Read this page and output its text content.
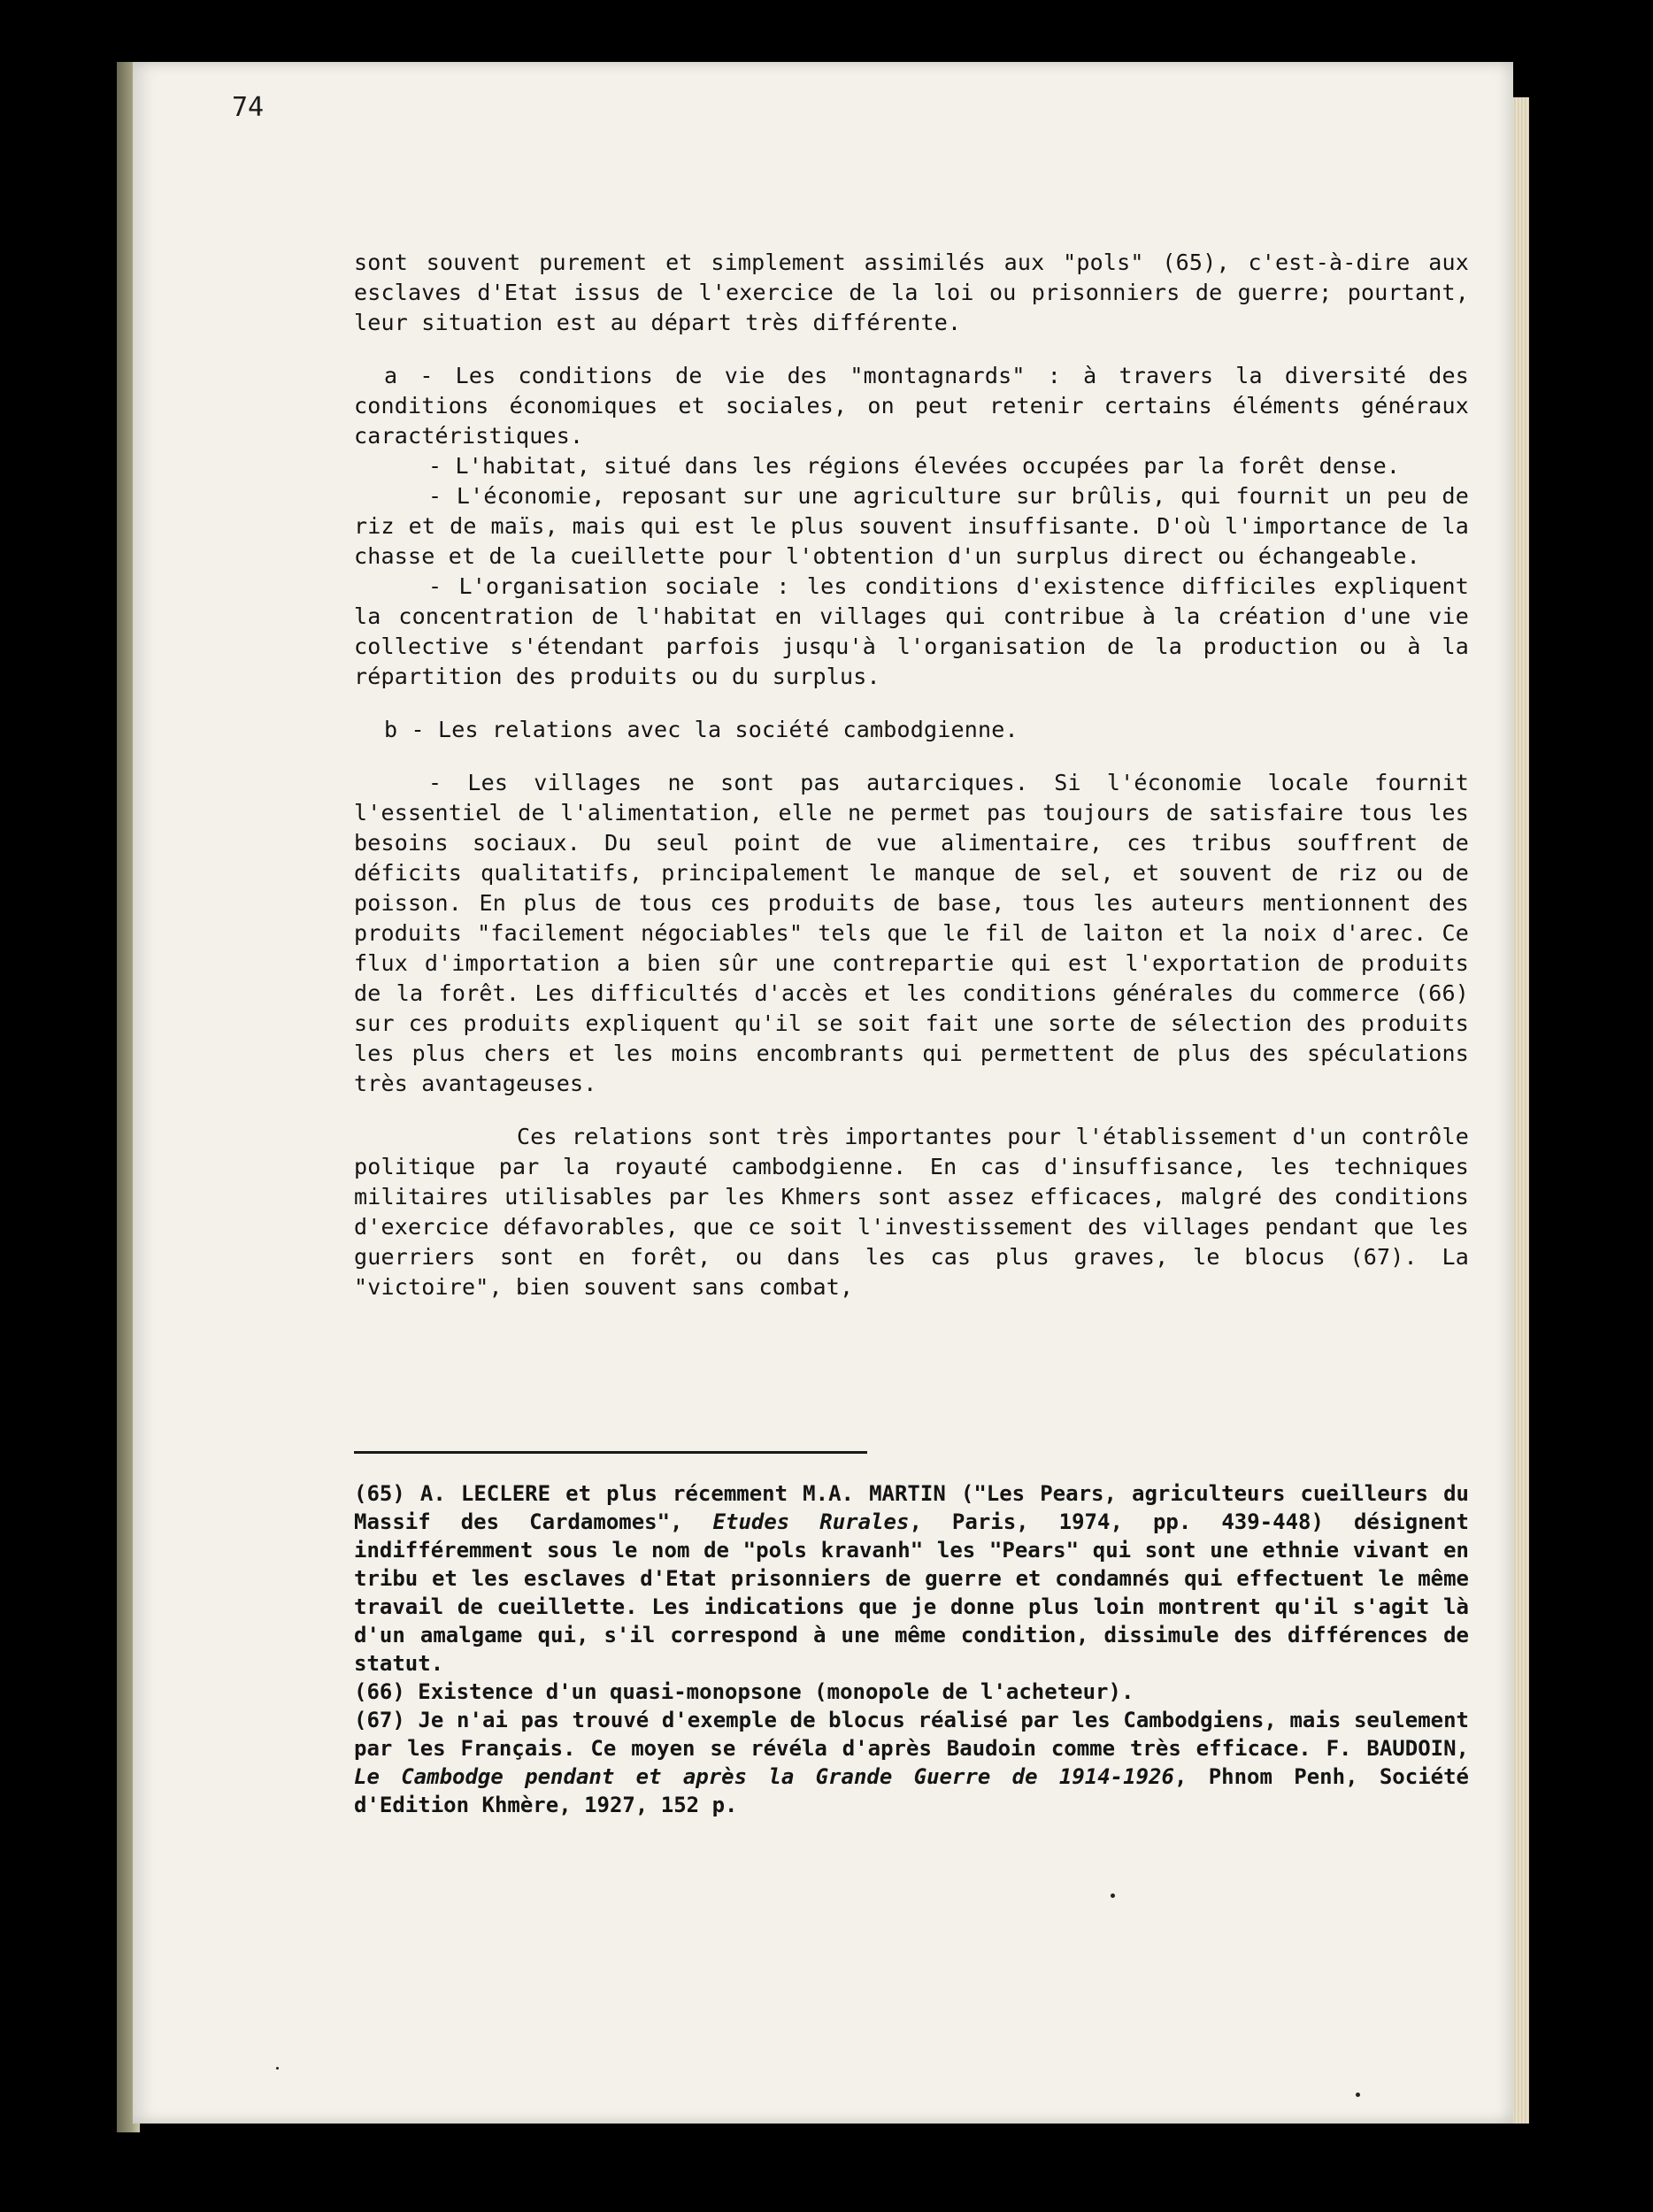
74

sont souvent purement et simplement assimilés aux "pols" (65), c'est-à-dire aux esclaves d'Etat issus de l'exercice de la loi ou prisonniers de guerre; pourtant, leur situation est au départ très différente.

a - Les conditions de vie des "montagnards" : à travers la diversité des conditions économiques et sociales, on peut retenir certains éléments généraux caractéristiques.

- L'habitat, situé dans les régions élevées occupées par la forêt dense.

- L'économie, reposant sur une agriculture sur brûlis, qui fournit un peu de riz et de maïs, mais qui est le plus souvent insuffisante. D'où l'importance de la chasse et de la cueillette pour l'obtention d'un surplus direct ou échangeable.

- L'organisation sociale : les conditions d'existence difficiles expliquent la concentration de l'habitat en villages qui contribue à la création d'une vie collective s'étendant parfois jusqu'à l'organisation de la production ou à la répartition des produits ou du surplus.

b - Les relations avec la société cambodgienne.

- Les villages ne sont pas autarciques. Si l'économie locale fournit l'essentiel de l'alimentation, elle ne permet pas toujours de satisfaire tous les besoins sociaux. Du seul point de vue alimentaire, ces tribus souffrent de déficits qualitatifs, principalement le manque de sel, et souvent de riz ou de poisson. En plus de tous ces produits de base, tous les auteurs mentionnent des produits "facilement négociables" tels que le fil de laiton et la noix d'arec. Ce flux d'importation a bien sûr une contrepartie qui est l'exportation de produits de la forêt. Les difficultés d'accès et les conditions générales du commerce (66) sur ces produits expliquent qu'il se soit fait une sorte de sélection des produits les plus chers et les moins encombrants qui permettent de plus des spéculations très avantageuses.

Ces relations sont très importantes pour l'établissement d'un contrôle politique par la royauté cambodgienne. En cas d'insuffisance, les techniques militaires utilisables par les Khmers sont assez efficaces, malgré des conditions d'exercice défavorables, que ce soit l'investissement des villages pendant que les guerriers sont en forêt, ou dans les cas plus graves, le blocus (67). La "victoire", bien souvent sans combat,

(65) A. LECLERE et plus récemment M.A. MARTIN ("Les Pears, agriculteurs cueilleurs du Massif des Cardamomes", Etudes Rurales, Paris, 1974, pp. 439-448) désignent indifféremment sous le nom de "pols kravanh" les "Pears" qui sont une ethnie vivant en tribu et les esclaves d'Etat prisonniers de guerre et condamnés qui effectuent le même travail de cueillette. Les indications que je donne plus loin montrent qu'il s'agit là d'un amalgame qui, s'il correspond à une même condition, dissimule des différences de statut.

(66) Existence d'un quasi-monopsone (monopole de l'acheteur).

(67) Je n'ai pas trouvé d'exemple de blocus réalisé par les Cambodgiens, mais seulement par les Français. Ce moyen se révéla d'après Baudoin comme très efficace. F. BAUDOIN, Le Cambodge pendant et après la Grande Guerre de 1914-1926, Phnom Penh, Société d'Edition Khmère, 1927, 152 p.
